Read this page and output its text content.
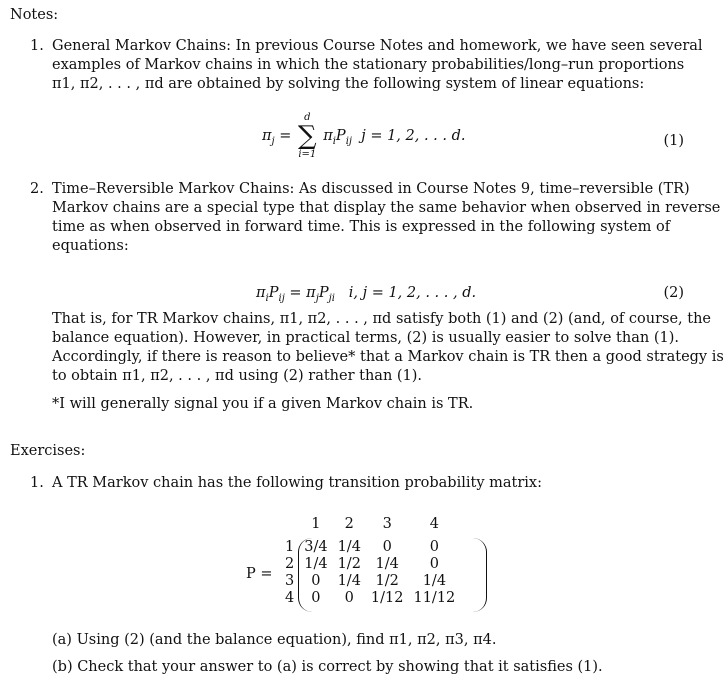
Notes:
1. General Markov Chains: In previous Course Notes and homework, we have seen several
examples of Markov chains in which the stationary probabilities/long–run proportions
π1, π2, . . . , πd are obtained by solving the following system of linear equations:
$\pi_j$ =
d
∑
i=1
$\pi_iP_{ij}$  j = 1, 2, . . . d.	(1)
2. Time–Reversible Markov Chains: As discussed in Course Notes 9, time–reversible (TR)
Markov chains are a special type that display the same behavior when observed in reverse
time as when observed in forward time. This is expressed in the following system of
equations:
$\pi_iP_{ij} = \pi_jP_{ji}$   i, j = 1, 2, . . . , d.	(2)
That is, for TR Markov chains, π1, π2, . . . , πd satisfy both (1) and (2) (and, of course, the
balance equation). However, in practical terms, (2) is usually easier to solve than (1).
Accordingly, if there is reason to believe* that a Markov chain is TR then a good strategy is
to obtain π1, π2, . . . , πd using (2) rather than (1).
*I will generally signal you if a given Markov chain is TR.
Exercises:
1. A TR Markov chain has the following transition probability matrix:
P =
	1	2	3	4

1	3/4	1/4	0	0
2	1/4	1/2	1/4	0
3	0	1/4	1/2	1/4
4	0	0	1/12	11/12
(a) Using (2) (and the balance equation), find π1, π2, π3, π4.
(b) Check that your answer to (a) is correct by showing that it satisfies (1).
